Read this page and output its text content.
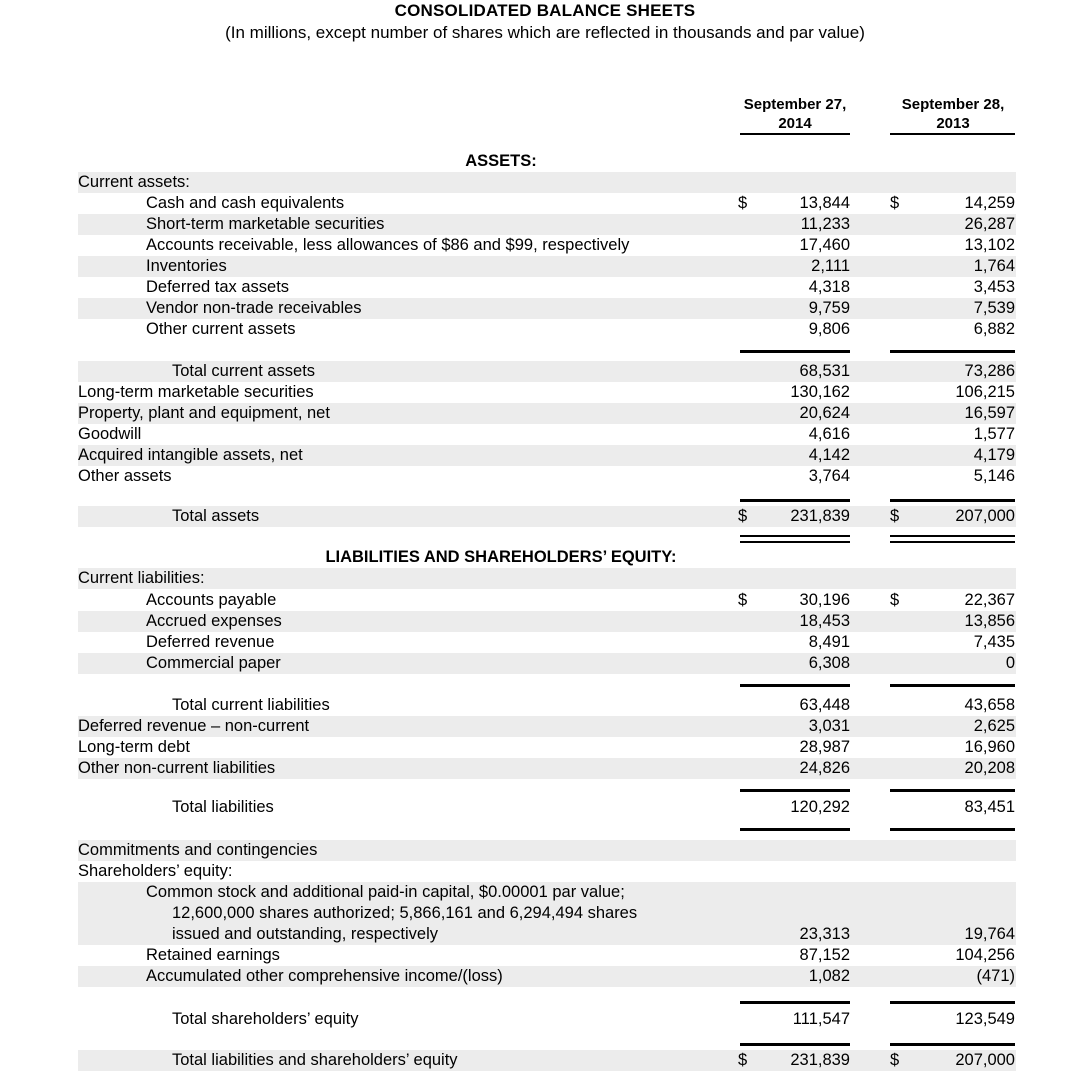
CONSOLIDATED BALANCE SHEETS
(In millions, except number of shares which are reflected in thousands and par value)
September 27,
2014
September 28,
2013
ASSETS:
Current assets:
Cash and cash equivalents	$	13,844 $	14,259
Short-term marketable securities	11,233	26,287
Accounts receivable, less allowances of $86 and $99, respectively	17,460	13,102
Inventories	2,111	1,764
Deferred tax assets	4,318	3,453
Vendor non-trade receivables	9,759	7,539
Other current assets	9,806	6,882
Total current assets	68,531	73,286
Long-term marketable securities	130,162	106,215
Property, plant and equipment, net	20,624	16,597
Goodwill	4,616	1,577
Acquired intangible assets, net	4,142	4,179
Other assets	3,764	5,146
Total assets	$	231,839 $	207,000
LIABILITIES AND SHAREHOLDERS’ EQUITY:
Current liabilities:
Accounts payable	$	30,196 $	22,367
Accrued expenses	18,453	13,856
Deferred revenue	8,491	7,435
Commercial paper	6,308	0
Total current liabilities	63,448	43,658
Deferred revenue – non-current	3,031	2,625
Long-term debt	28,987	16,960
Other non-current liabilities	24,826	20,208
Total liabilities	120,292	83,451
Commitments and contingencies
Shareholders’ equity:
Common stock and additional paid-in capital, $0.00001 par value;
12,600,000 shares authorized; 5,866,161 and 6,294,494 shares
issued and outstanding, respectively	23,313	19,764
Retained earnings	87,152	104,256
Accumulated other comprehensive income/(loss)	1,082	(471)
Total shareholders’ equity	111,547	123,549
Total liabilities and shareholders’ equity	$	231,839 $	207,000
